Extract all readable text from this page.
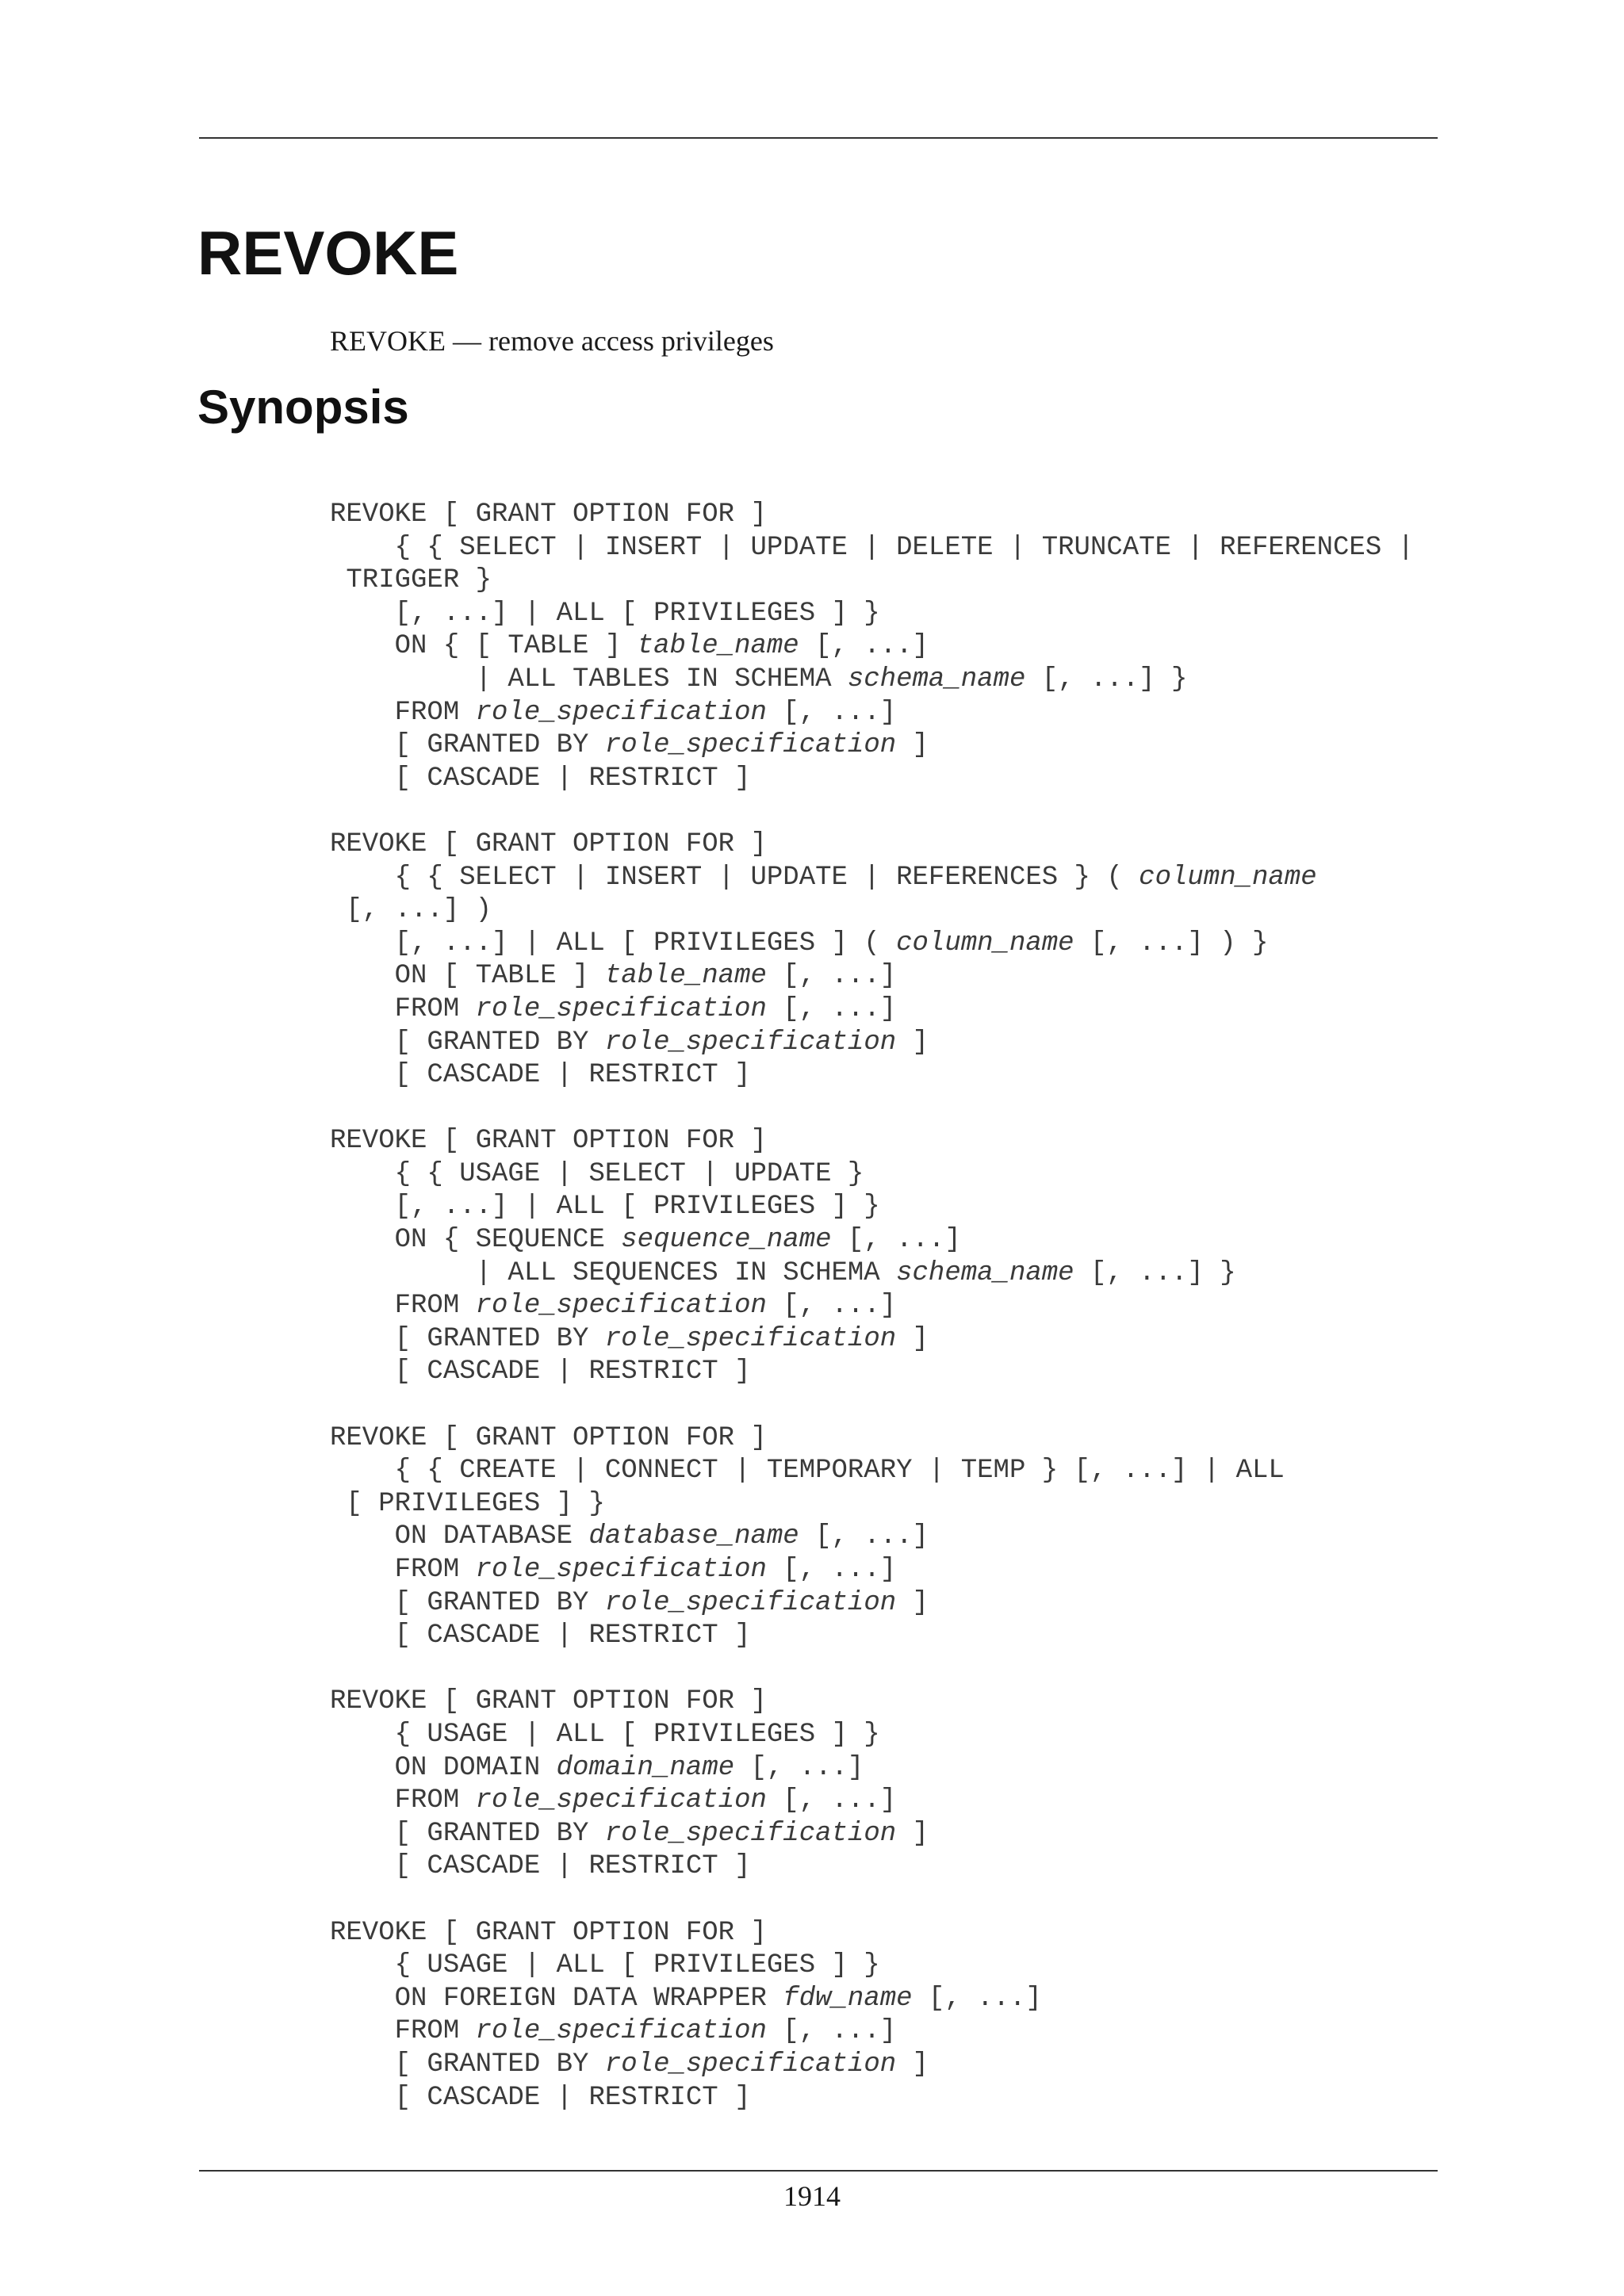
REVOKE

REVOKE — remove access privileges

Synopsis
REVOKE [ GRANT OPTION FOR ]
{ { SELECT | INSERT | UPDATE | DELETE | TRUNCATE | REFERENCES |
TRIGGER }
[, ...] | ALL [ PRIVILEGES ] }
ON { [ TABLE ] table_name [, ...]
| ALL TABLES IN SCHEMA schema_name [, ...] }
FROM role_specification [, ...]
[ GRANTED BY role_specification ]
[ CASCADE | RESTRICT ]
REVOKE [ GRANT OPTION FOR ]
{ { SELECT | INSERT | UPDATE | REFERENCES } ( column_name
[, ...] )
[, ...] | ALL [ PRIVILEGES ] ( column_name [, ...] ) }
ON [ TABLE ] table_name [, ...]
FROM role_specification [, ...]
[ GRANTED BY role_specification ]
[ CASCADE | RESTRICT ]
REVOKE [ GRANT OPTION FOR ]
{ { USAGE | SELECT | UPDATE }
[, ...] | ALL [ PRIVILEGES ] }
ON { SEQUENCE sequence_name [, ...]
| ALL SEQUENCES IN SCHEMA schema_name [, ...] }
FROM role_specification [, ...]
[ GRANTED BY role_specification ]
[ CASCADE | RESTRICT ]
REVOKE [ GRANT OPTION FOR ]
{ { CREATE | CONNECT | TEMPORARY | TEMP } [, ...] | ALL
[ PRIVILEGES ] }
ON DATABASE database_name [, ...]
FROM role_specification [, ...]
[ GRANTED BY role_specification ]
[ CASCADE | RESTRICT ]
REVOKE [ GRANT OPTION FOR ]
{ USAGE | ALL [ PRIVILEGES ] }
ON DOMAIN domain_name [, ...]
FROM role_specification [, ...]
[ GRANTED BY role_specification ]
[ CASCADE | RESTRICT ]
REVOKE [ GRANT OPTION FOR ]
{ USAGE | ALL [ PRIVILEGES ] }
ON FOREIGN DATA WRAPPER fdw_name [, ...]
FROM role_specification [, ...]
[ GRANTED BY role_specification ]
[ CASCADE | RESTRICT ]

1914
